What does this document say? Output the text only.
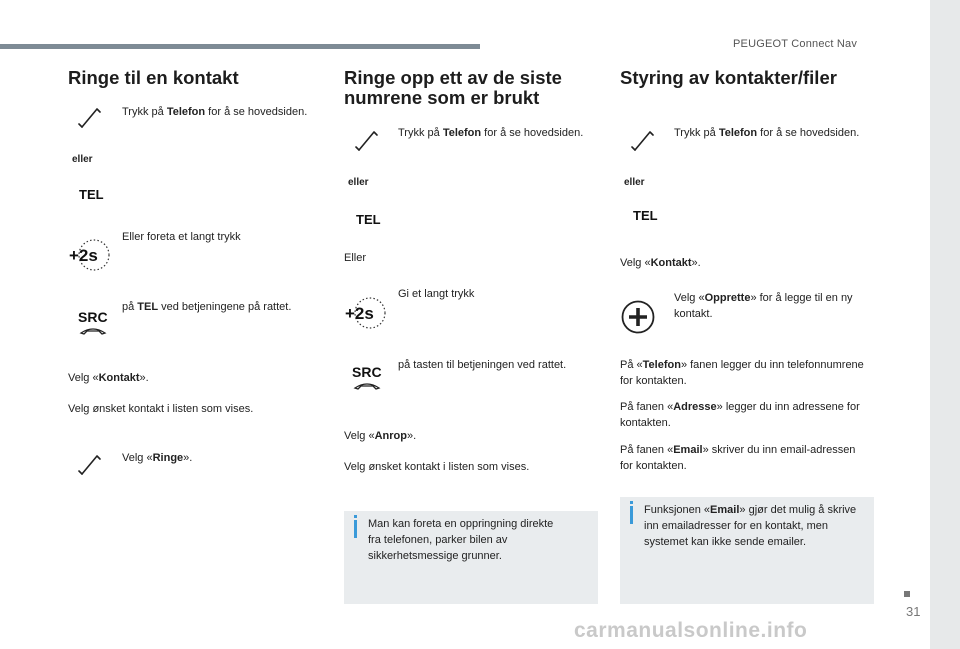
PEUGEOT Connect Nav
Ringe til en kontakt
Trykk på Telefon for å se hovedsiden.
eller
TEL
Eller foreta et langt trykk
+2s
på TEL ved betjeningene på rattet.
SRC
Velg «Kontakt».
Velg ønsket kontakt i listen som vises.
Velg «Ringe».
Ringe opp ett av de siste numrene som er brukt
Trykk på Telefon for å se hovedsiden.
eller
TEL
Eller
Gi et langt trykk
+2s
på tasten til betjeningen ved rattet.
SRC
Velg «Anrop».
Velg ønsket kontakt i listen som vises.
Man kan foreta en oppringning direkte fra telefonen, parker bilen av sikkerhetsmessige grunner.
Styring av kontakter/filer
Trykk på Telefon for å se hovedsiden.
eller
TEL
Velg «Kontakt».
Velg «Opprette» for å legge til en ny kontakt.
På «Telefon» fanen legger du inn telefonnumrene for kontakten.
På fanen «Adresse» legger du inn adressene for kontakten.
På fanen «Email» skriver du inn email-adressen for kontakten.
Funksjonen «Email» gjør det mulig å skrive inn emailadresser for en kontakt, men systemet kan ikke sende emailer.
31
carmanualsonline.info
